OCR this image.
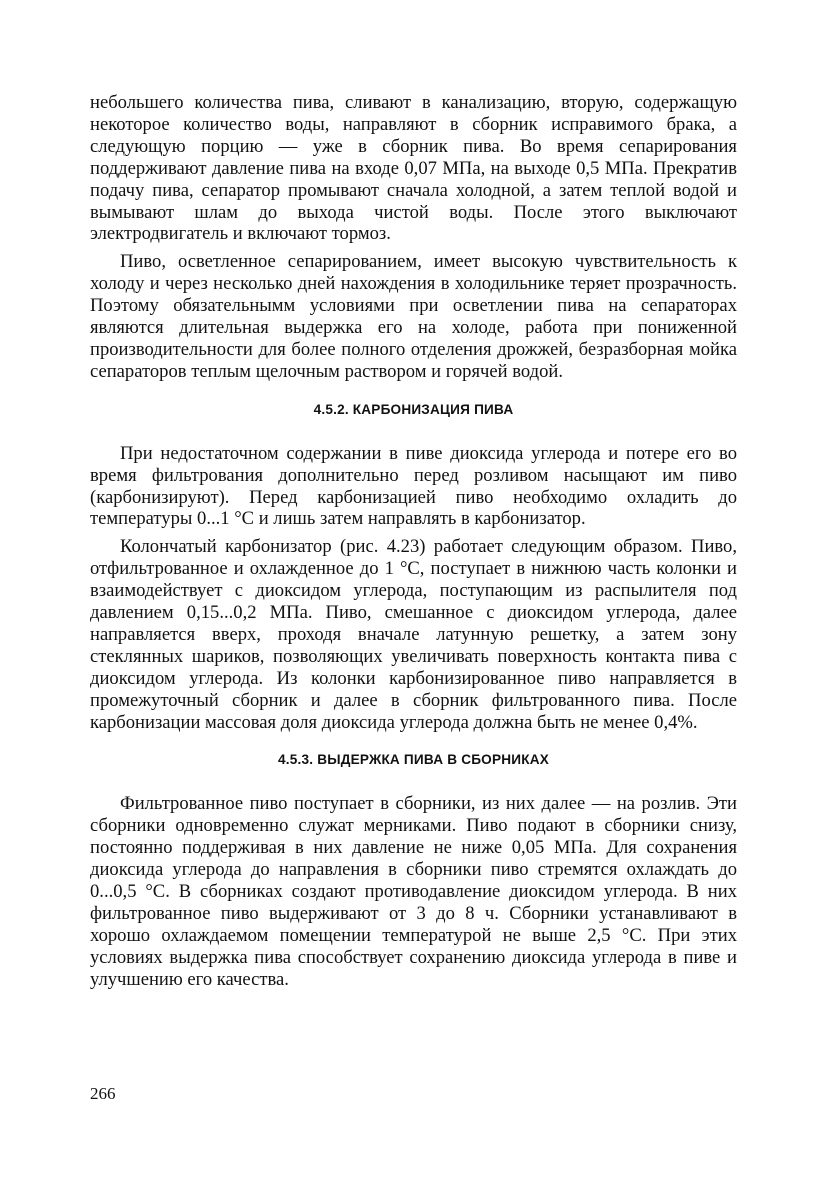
небольшего количества пива, сливают в канализацию, вторую, содержащую некоторое количество воды, направляют в сборник исправимого брака, а следующую порцию — уже в сборник пива. Во время сепарирования поддерживают давление пива на входе 0,07 МПа, на выходе 0,5 МПа. Прекратив подачу пива, сепаратор промывают сначала холодной, а затем теплой водой и вымывают шлам до выхода чистой воды. После этого выключают электродвигатель и включают тормоз.

Пиво, осветленное сепарированием, имеет высокую чувствительность к холоду и через несколько дней нахождения в холодильнике теряет прозрачность. Поэтому обязательнымм условиями при осветлении пива на сепараторах являются длительная выдержка его на холоде, работа при пониженной производительности для более полного отделения дрожжей, безразборная мойка сепараторов теплым щелочным раствором и горячей водой.

4.5.2. КАРБОНИЗАЦИЯ ПИВА

При недостаточном содержании в пиве диоксида углерода и потере его во время фильтрования дополнительно перед розливом насыщают им пиво (карбонизируют). Перед карбонизацией пиво необходимо охладить до температуры 0...1 °С и лишь затем направлять в карбонизатор.

Колончатый карбонизатор (рис. 4.23) работает следующим образом. Пиво, отфильтрованное и охлажденное до 1 °С, поступает в нижнюю часть колонки и взаимодействует с диоксидом углерода, поступающим из распылителя под давлением 0,15...0,2 МПа. Пиво, смешанное с диоксидом углерода, далее направляется вверх, проходя вначале латунную решетку, а затем зону стеклянных шариков, позволяющих увеличивать поверхность контакта пива с диоксидом углерода. Из колонки карбонизированное пиво направляется в промежуточный сборник и далее в сборник фильтрованного пива. После карбонизации массовая доля диоксида углерода должна быть не менее 0,4%.

4.5.3. ВЫДЕРЖКА ПИВА В СБОРНИКАХ

Фильтрованное пиво поступает в сборники, из них далее — на розлив. Эти сборники одновременно служат мерниками. Пиво подают в сборники снизу, постоянно поддерживая в них давление не ниже 0,05 МПа. Для сохранения диоксида углерода до направления в сборники пиво стремятся охлаждать до 0...0,5 °С. В сборниках создают противодавление диоксидом углерода. В них фильтрованное пиво выдерживают от 3 до 8 ч. Сборники устанавливают в хорошо охлаждаемом помещении температурой не выше 2,5 °С. При этих условиях выдержка пива способствует сохранению диоксида углерода в пиве и улучшению его качества.

266
